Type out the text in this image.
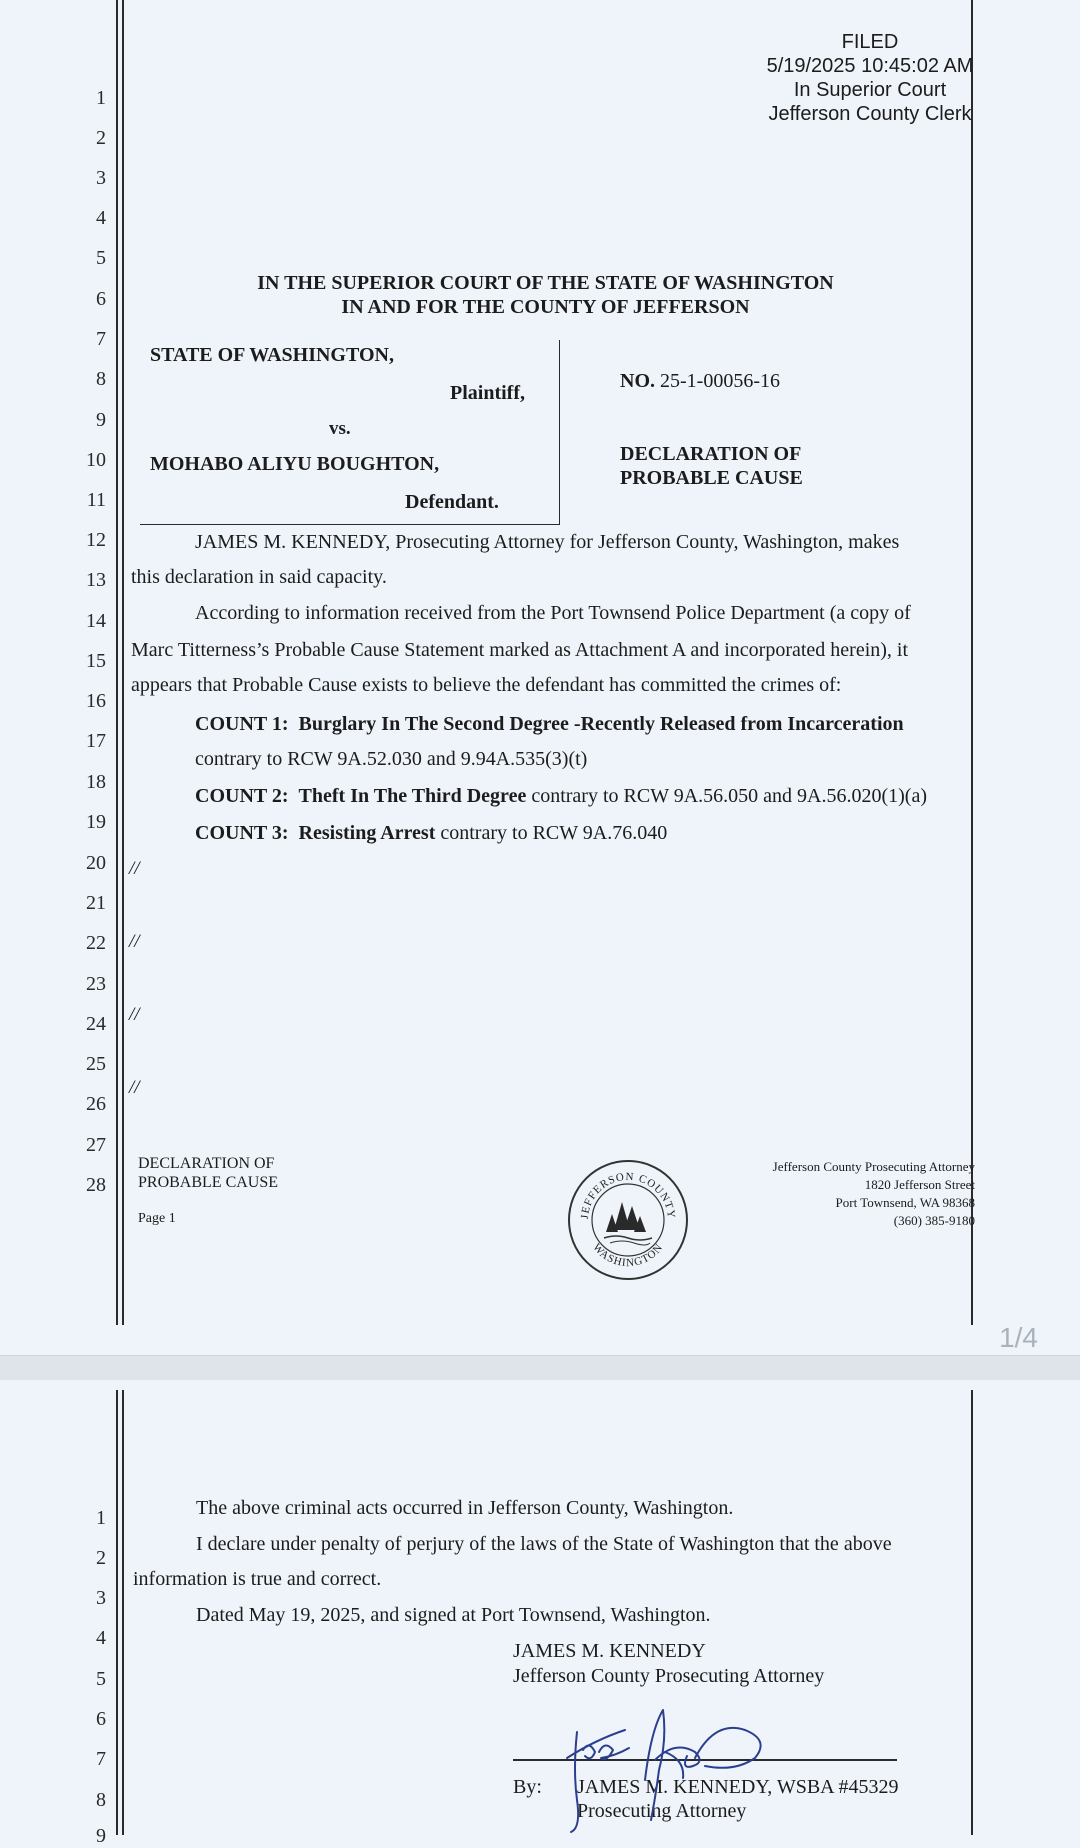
1
2
3
4
5
6
7
8
9
10
11
12
13
14
15
16
17
18
19
20
21
22
23
24
25
26
27
28
FILED
5/19/2025 10:45:02 AM
In Superior Court
Jefferson County Clerk
IN THE SUPERIOR COURT OF THE STATE OF WASHINGTON
IN AND FOR THE COUNTY OF JEFFERSON
STATE OF WASHINGTON,
Plaintiff,
vs.
MOHABO ALIYU BOUGHTON,
Defendant.
NO. 25-1-00056-16
DECLARATION OF
PROBABLE CAUSE
JAMES M. KENNEDY, Prosecuting Attorney for Jefferson County, Washington, makes
this declaration in said capacity.
According to information received from the Port Townsend Police Department (a copy of
Marc Titterness’s Probable Cause Statement marked as Attachment A and incorporated herein), it
appears that Probable Cause exists to believe the defendant has committed the crimes of:
COUNT 1: Burglary In The Second Degree -Recently Released from Incarceration
contrary to RCW 9A.52.030 and 9.94A.535(3)(t)
COUNT 2: Theft In The Third Degree contrary to RCW 9A.56.050 and 9A.56.020(1)(a)
COUNT 3: Resisting Arrest contrary to RCW 9A.76.040
//
//
//
//
DECLARATION OF
PROBABLE CAUSE
Page 1	JEFFERSON COUNTY
WASHINGTON
Jefferson County Prosecuting Attorney
1820 Jefferson Street
Port Townsend, WA 98368
(360) 385-9180
1/4
1
2
3
4
5
6
7
8
9
The above criminal acts occurred in Jefferson County, Washington.
I declare under penalty of perjury of the laws of the State of Washington that the above
information is true and correct.
Dated May 19, 2025, and signed at Port Townsend, Washington.
JAMES M. KENNEDY
Jefferson County Prosecuting Attorney
By: JAMES M. KENNEDY, WSBA #45329
Prosecuting Attorney
